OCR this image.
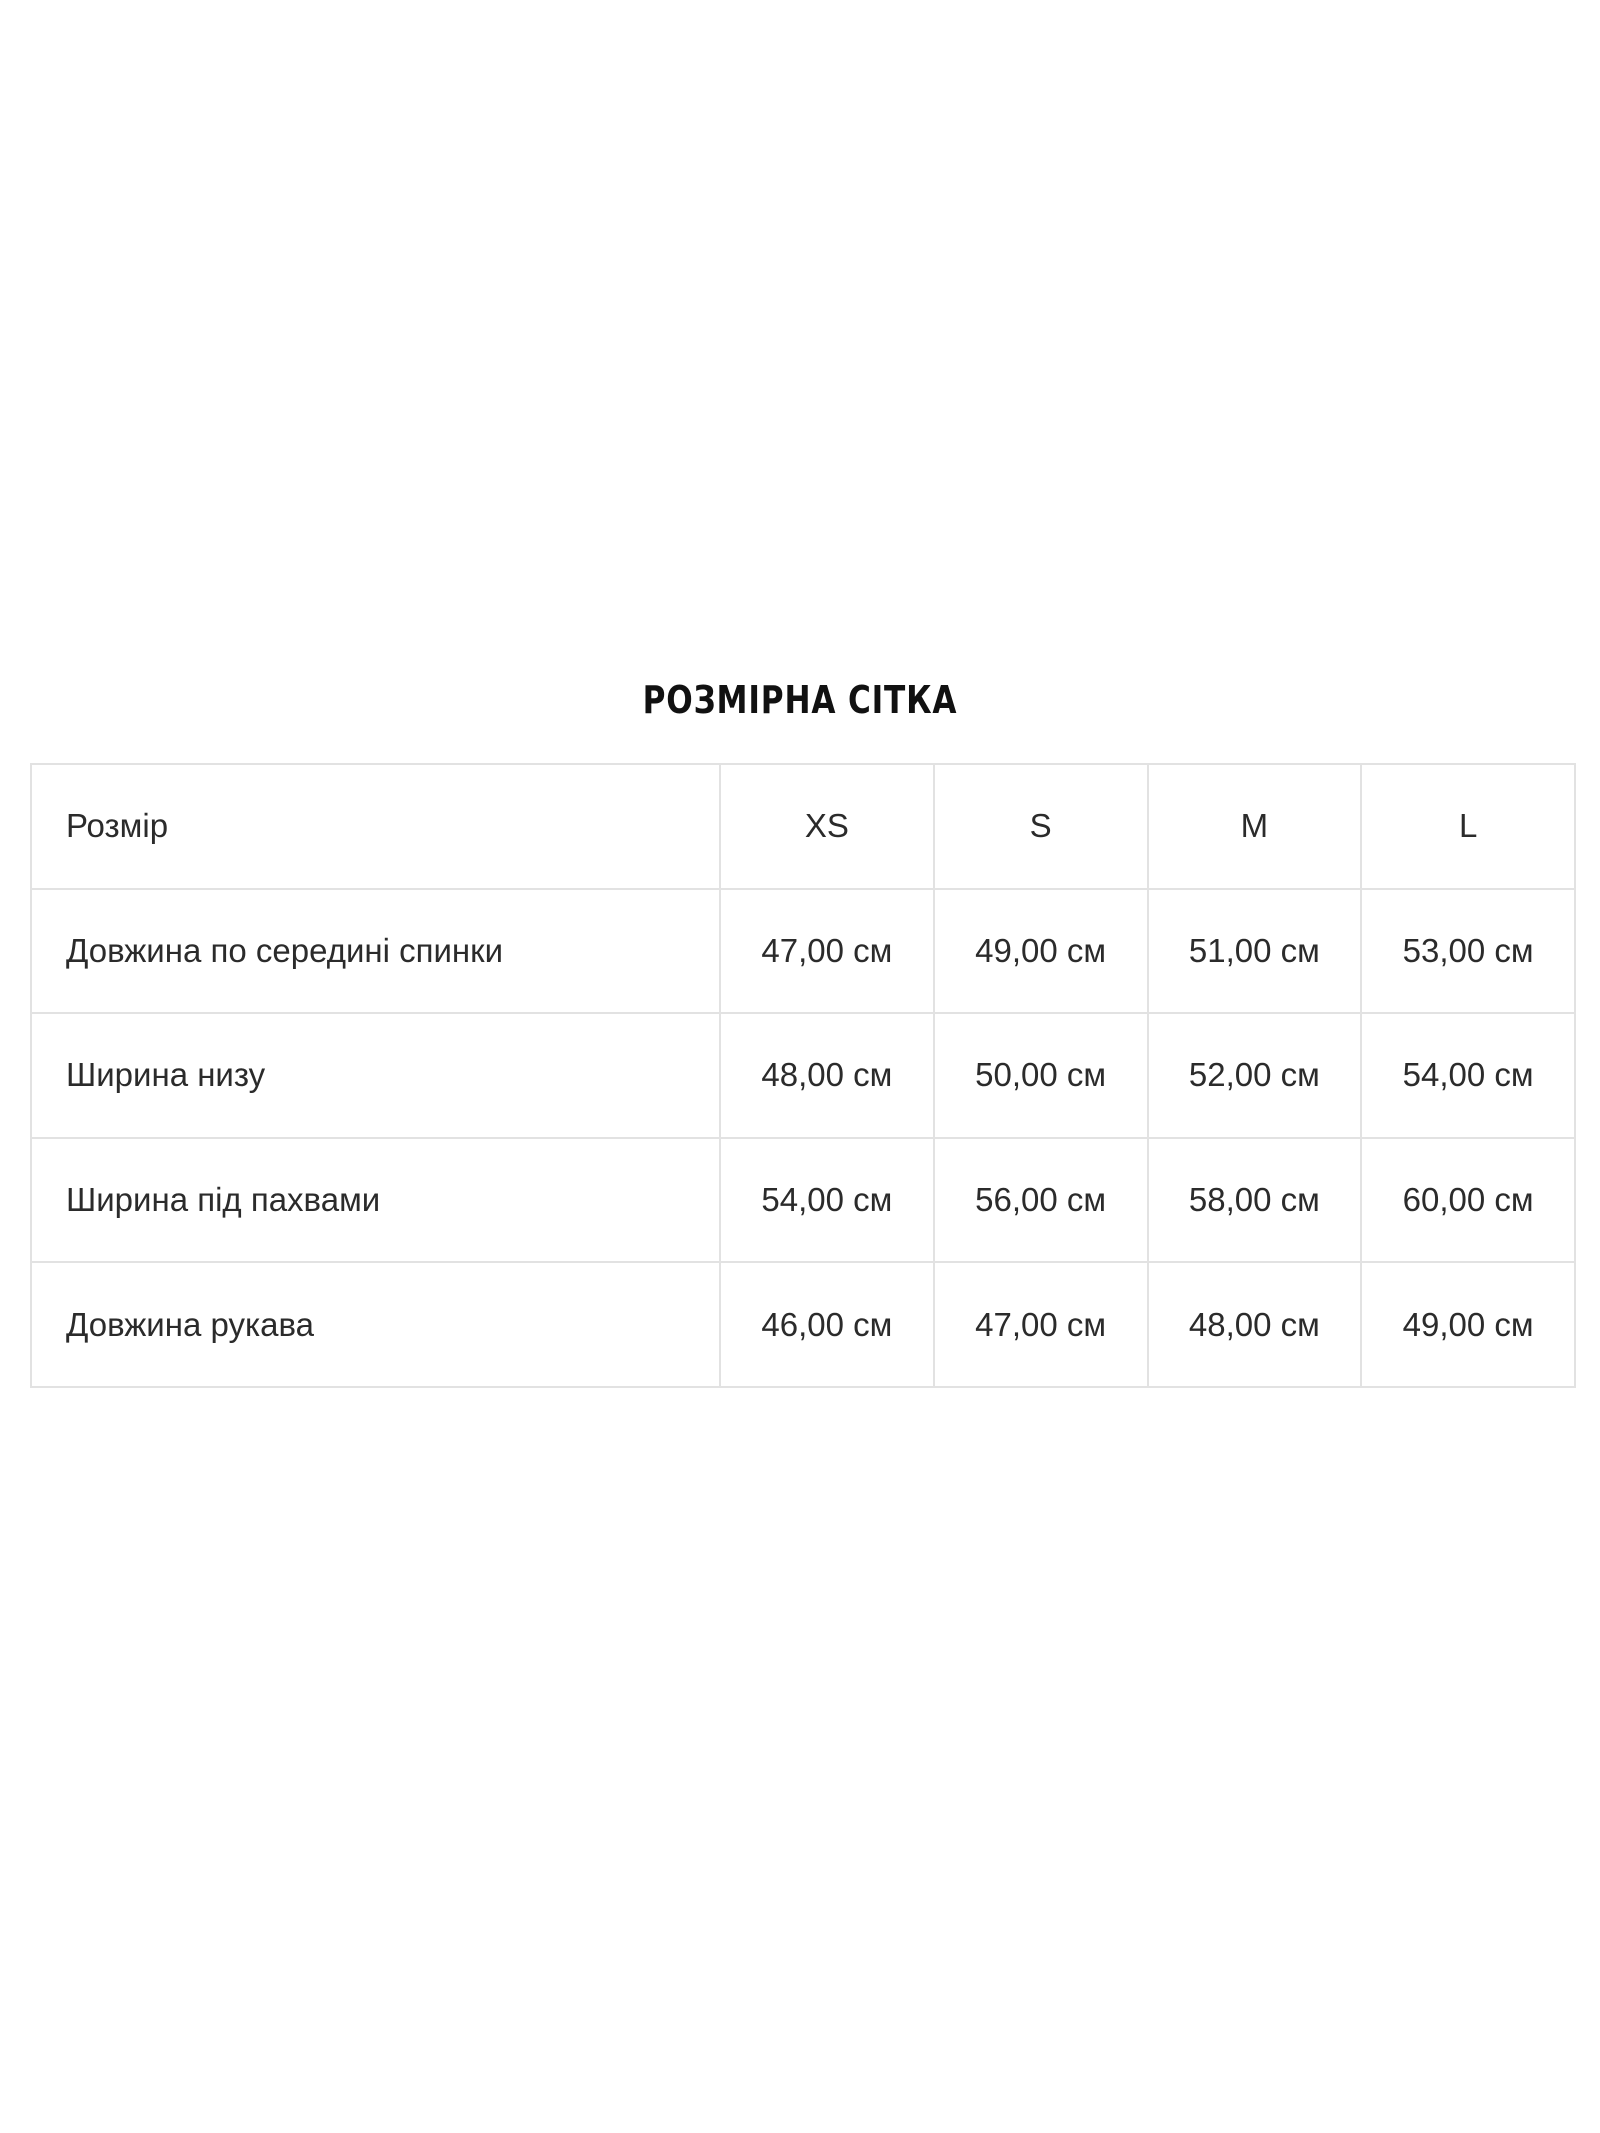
РОЗМІРНА СІТКА
Розмір	XS	S	M	L
Довжина по середині спинки	47,00 см	49,00 см	51,00 см	53,00 см
Ширина низу	48,00 см	50,00 см	52,00 см	54,00 см
Ширина під пахвами	54,00 см	56,00 см	58,00 см	60,00 см
Довжина рукава	46,00 см	47,00 см	48,00 см	49,00 см
